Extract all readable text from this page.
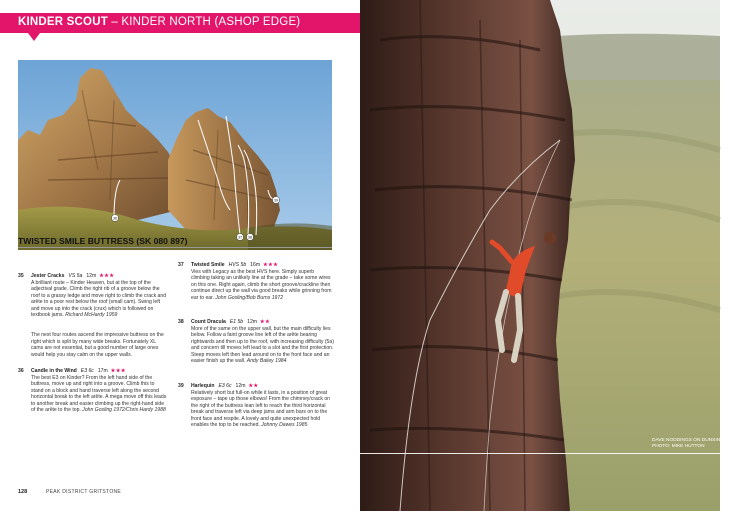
KINDER SCOUT – KINDER NORTH (ASHOP EDGE)
36
37 38
39
TWISTED SMILE BUTTRESS (SK 080 897)
35 Jester Cracks VS 5a 12m ★★★
A brilliant route – Kinder Heaven, but at the top of the adjectival grade. Climb the right rib of a groove below the roof to a grassy ledge and move right to climb the crack and arête to a poor rest below the roof (small cam). Swing left and move up into the crack (crux) which is followed on textbook jams. Richard McHardy 1959
The next four routes ascend the impressive buttress on the right which is split by many wide breaks. Fortunately XL cams are not essential, but a good number of large ones would help you stay calm on the upper walls.
36 Candle in the Wind E3 6c 17m ★★★
The best E3 on Kinder? From the left hand side of the buttress, move up and right into a groove. Climb this to stand on a block and hand traverse left along the second horizontal break to the left arête. A mega move off this leads to another break and easier climbing up the right-hand side of the arête to the top. John Gosling 1972/Chris Hardy 1988
37 Twisted Smile HVS 5b 16m ★★★
Vies with Legacy as the best HVS here. Simply superb climbing taking an unlikely line at the grade – take some wires on this one. Right again, climb the short groove/crackline then continue direct up the wall via good breaks while grinning from ear to ear. John Gosling/Bob Burns 1972
38 Count Dracula E1 5b 12m ★★
More of the same on the upper wall, but the main difficulty lies below. Follow a faint groove line left of the arête bearing rightwards and then up to the roof, with increasing difficulty (5a) and concern till moves left lead to a slot and the first protection. Steep moves left then lead around on to the front face and an easier finish up the wall. Andy Bailey 1984
39 Harlequin E3 6c 12m ★★
Relatively short but full-on while it lasts, in a position of great exposure – tape up those elbows! From the chimney/crack on the right of the buttress lean left to reach the third horizontal break and traverse left via deep jams and arm bars on to the front face and respite. A lovely and quite unexpected hold enables the top to be reached. Johnny Dawes 1985
128	PEAK DISTRICT GRITSTONE
DAVE NODDINGS ON DUNSINANE ▶
PHOTO: MIKE HUTTON
